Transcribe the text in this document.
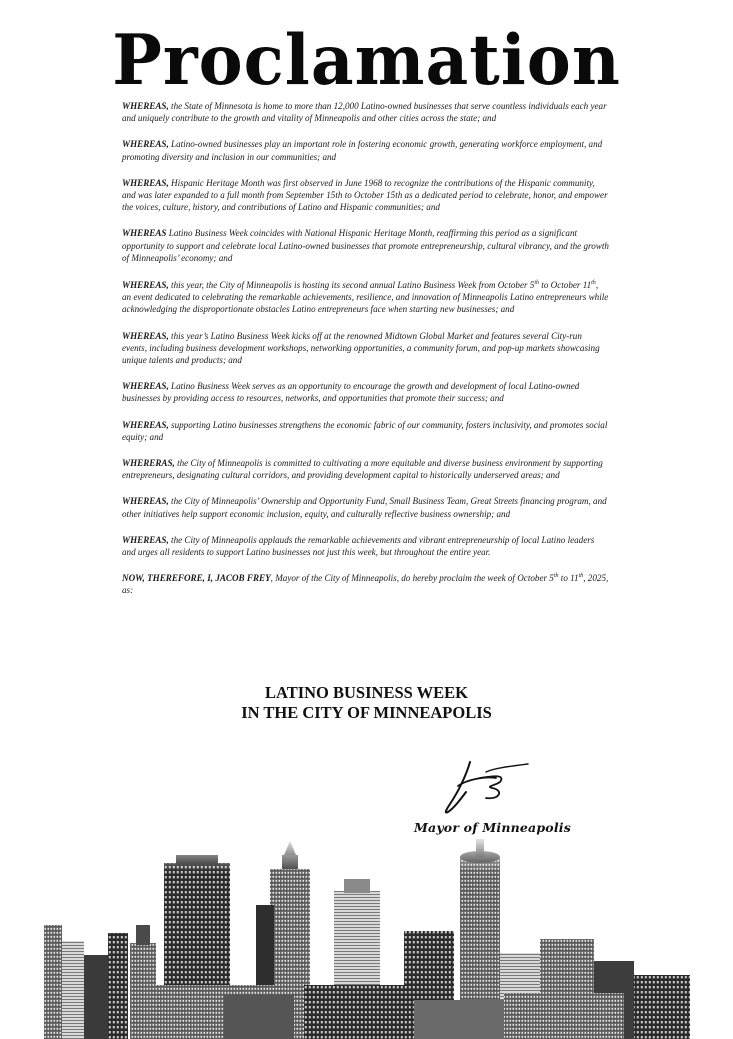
Proclamation

WHEREAS, the State of Minnesota is home to more than 12,000 Latino-owned businesses that serve countless individuals each year and uniquely contribute to the growth and vitality of Minneapolis and other cities across the state; and

WHEREAS, Latino-owned businesses play an important role in fostering economic growth, generating workforce employment, and promoting diversity and inclusion in our communities; and

WHEREAS, Hispanic Heritage Month was first observed in June 1968 to recognize the contributions of the Hispanic community, and was later expanded to a full month from September 15th to October 15th as a dedicated period to celebrate, honor, and empower the voices, culture, history, and contributions of Latino and Hispanic communities; and

WHEREAS Latino Business Week coincides with National Hispanic Heritage Month, reaffirming this period as a significant opportunity to support and celebrate local Latino-owned businesses that promote entrepreneurship, cultural vibrancy, and the growth of Minneapolis’ economy; and

WHEREAS, this year, the City of Minneapolis is hosting its second annual Latino Business Week from October 5th to October 11th, an event dedicated to celebrating the remarkable achievements, resilience, and innovation of Minneapolis Latino entrepreneurs while acknowledging the disproportionate obstacles Latino entrepreneurs face when starting new businesses; and

WHEREAS, this year’s Latino Business Week kicks off at the renowned Midtown Global Market and features several City-run events, including business development workshops, networking opportunities, a community forum, and pop-up markets showcasing unique talents and products; and

WHEREAS, Latino Business Week serves as an opportunity to encourage the growth and development of local Latino-owned businesses by providing access to resources, networks, and opportunities that promote their success; and

WHEREAS, supporting Latino businesses strengthens the economic fabric of our community, fosters inclusivity, and promotes social equity; and

WHERERAS, the City of Minneapolis is committed to cultivating a more equitable and diverse business environment by supporting entrepreneurs, designating cultural corridors, and providing development capital to historically underserved areas; and

WHEREAS, the City of Minneapolis’ Ownership and Opportunity Fund, Small Business Team, Great Streets financing program, and other initiatives help support economic inclusion, equity, and culturally reflective business ownership; and

WHEREAS, the City of Minneapolis applauds the remarkable achievements and vibrant entrepreneurship of local Latino leaders and urges all residents to support Latino businesses not just this week, but throughout the entire year.

NOW, THEREFORE, I, JACOB FREY, Mayor of the City of Minneapolis, do hereby proclaim the week of October 5th to 11th, 2025, as:

LATINO BUSINESS WEEK
IN THE CITY OF MINNEAPOLIS
Mayor of Minneapolis
